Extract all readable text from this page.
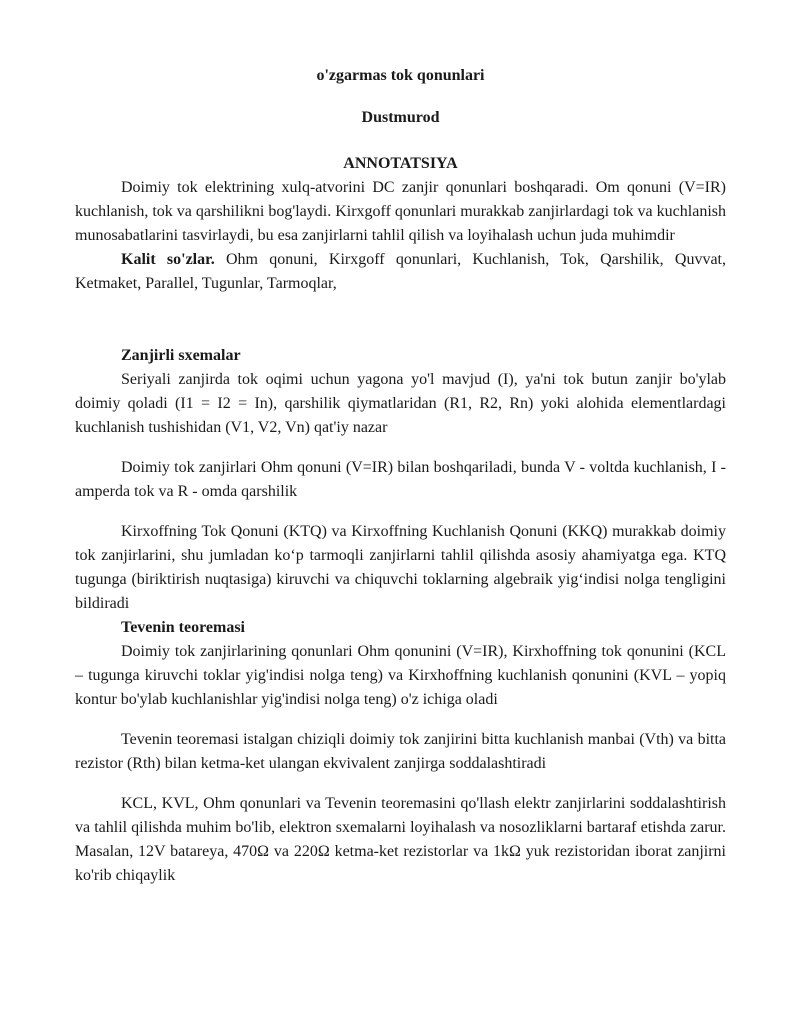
o'zgarmas tok qonunlari
Dustmurod
ANNOTATSIYA

Doimiy tok elektrining xulq-atvorini DC zanjir qonunlari boshqaradi. Om qonuni (V=IR) kuchlanish, tok va qarshilikni bog'laydi. Kirxgoff qonunlari murakkab zanjirlardagi tok va kuchlanish munosabatlarini tasvirlaydi, bu esa zanjirlarni tahlil qilish va loyihalash uchun juda muhimdir

Kalit so'zlar. Ohm qonuni, Kirxgoff qonunlari, Kuchlanish, Tok, Qarshilik, Quvvat, Ketmaket, Parallel, Tugunlar, Tarmoqlar,

Zanjirli sxemalar

Seriyali zanjirda tok oqimi uchun yagona yo'l mavjud (I), ya'ni tok butun zanjir bo'ylab doimiy qoladi (I1 = I2 = In), qarshilik qiymatlaridan (R1, R2, Rn) yoki alohida elementlardagi kuchlanish tushishidan (V1, V2, Vn) qat'iy nazar

Doimiy tok zanjirlari Ohm qonuni (V=IR) bilan boshqariladi, bunda V - voltda kuchlanish, I - amperda tok va R - omda qarshilik

Kirxoffning Tok Qonuni (KTQ) va Kirxoffning Kuchlanish Qonuni (KKQ) murakkab doimiy tok zanjirlarini, shu jumladan ko‘p tarmoqli zanjirlarni tahlil qilishda asosiy ahamiyatga ega. KTQ tugunga (biriktirish nuqtasiga) kiruvchi va chiquvchi toklarning algebraik yig‘indisi nolga tengligini bildiradi

Tevenin teoremasi

Doimiy tok zanjirlarining qonunlari Ohm qonunini (V=IR), Kirxhoffning tok qonunini (KCL – tugunga kiruvchi toklar yig'indisi nolga teng) va Kirxhoffning kuchlanish qonunini (KVL – yopiq kontur bo'ylab kuchlanishlar yig'indisi nolga teng) o'z ichiga oladi

Tevenin teoremasi istalgan chiziqli doimiy tok zanjirini bitta kuchlanish manbai (Vth) va bitta rezistor (Rth) bilan ketma-ket ulangan ekvivalent zanjirga soddalashtiradi

KCL, KVL, Ohm qonunlari va Tevenin teoremasini qo'llash elektr zanjirlarini soddalashtirish va tahlil qilishda muhim bo'lib, elektron sxemalarni loyihalash va nosozliklarni bartaraf etishda zarur. Masalan, 12V batareya, 470Ω va 220Ω ketma-ket rezistorlar va 1kΩ yuk rezistoridan iborat zanjirni ko'rib chiqaylik
